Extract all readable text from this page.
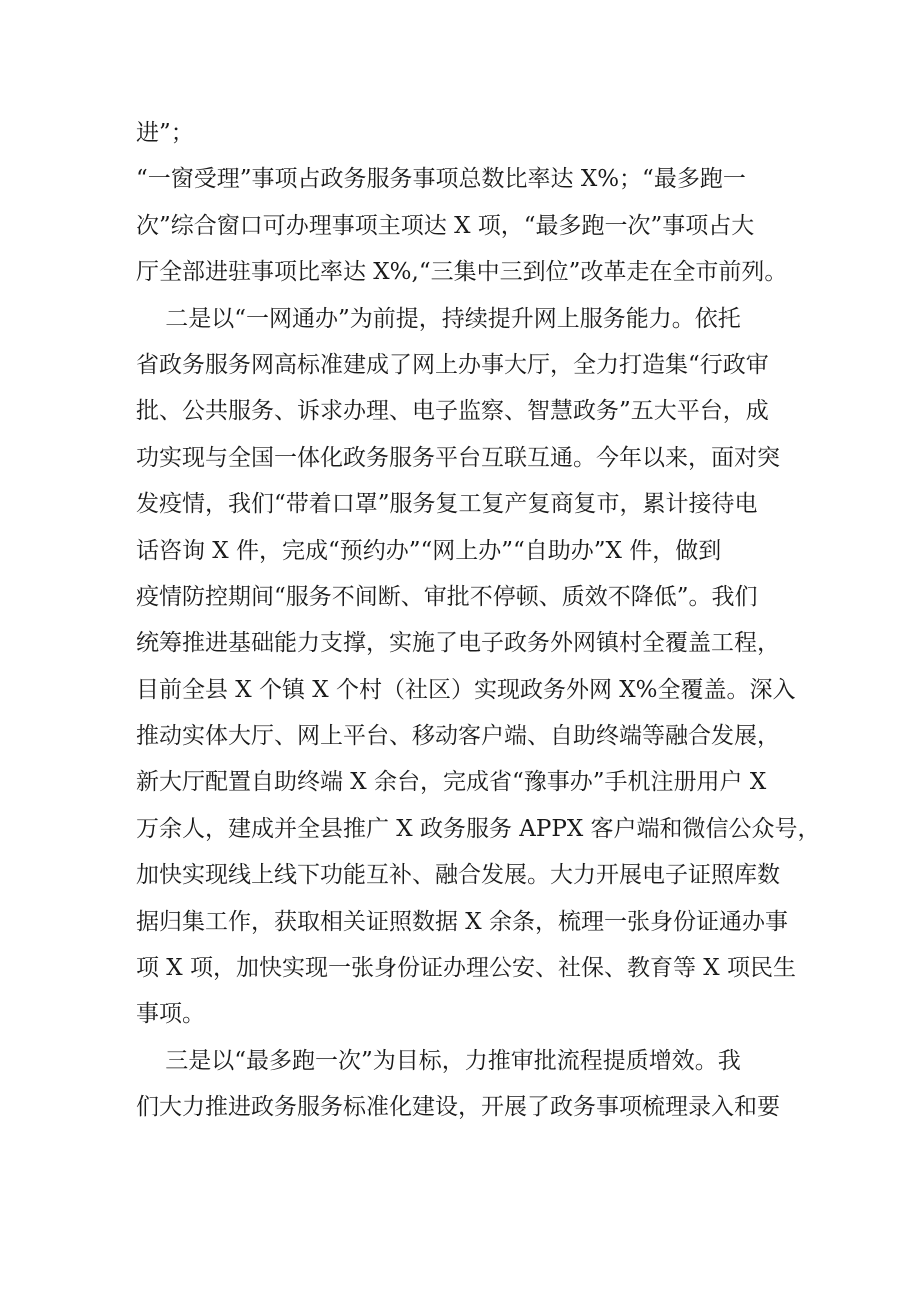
进”；
“一窗受理”事项占政务服务事项总数比率达 X%；“最多跑一
次”综合窗口可办理事项主项达 X 项，“最多跑一次”事项占大
厅全部进驻事项比率达 X%,“三集中三到位”改革走在全市前列。
二是以“一网通办”为前提，持续提升网上服务能力。依托
省政务服务网高标准建成了网上办事大厅，全力打造集“行政审
批、公共服务、诉求办理、电子监察、智慧政务”五大平台，成
功实现与全国一体化政务服务平台互联互通。今年以来，面对突
发疫情，我们“带着口罩”服务复工复产复商复市，累计接待电
话咨询 X 件，完成“预约办”“网上办”“自助办”X 件，做到
疫情防控期间“服务不间断、审批不停顿、质效不降低”。我们
统筹推进基础能力支撑，实施了电子政务外网镇村全覆盖工程，
目前全县 X 个镇 X 个村（社区）实现政务外网 X%全覆盖。深入
推动实体大厅、网上平台、移动客户端、自助终端等融合发展，
新大厅配置自助终端 X 余台，完成省“豫事办”手机注册用户 X
万余人，建成并全县推广 X 政务服务 APPX 客户端和微信公众号，
加快实现线上线下功能互补、融合发展。大力开展电子证照库数
据归集工作，获取相关证照数据 X 余条，梳理一张身份证通办事
项 X 项，加快实现一张身份证办理公安、社保、教育等 X 项民生
事项。
三是以“最多跑一次”为目标，力推审批流程提质增效。我
们大力推进政务服务标准化建设，开展了政务事项梳理录入和要
